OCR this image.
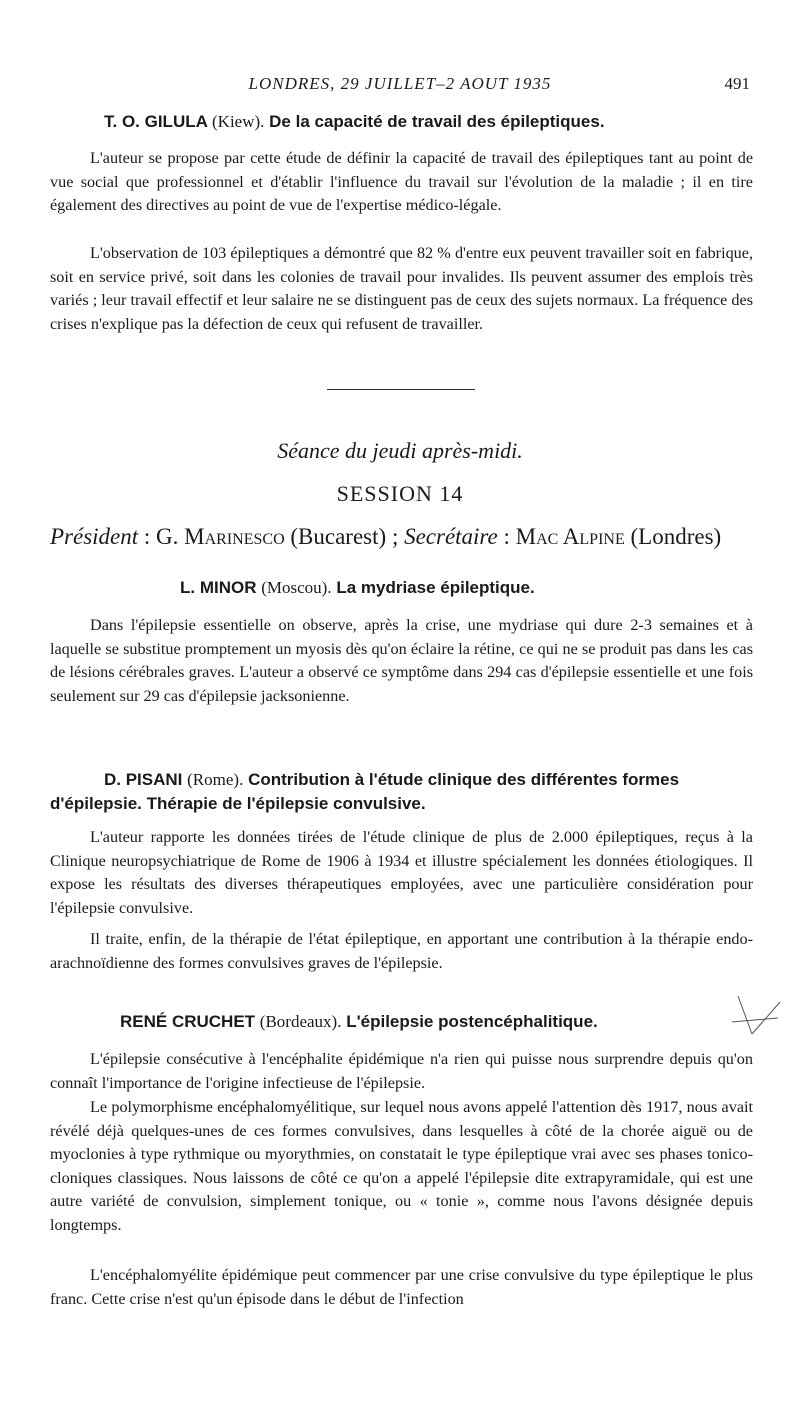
LONDRES, 29 JUILLET–2 AOUT 1935	491
T. O. GILULA (Kiew). De la capacité de travail des épileptiques.

L'auteur se propose par cette étude de définir la capacité de travail des épileptiques tant au point de vue social que professionnel et d'établir l'influence du travail sur l'évolution de la maladie ; il en tire également des directives au point de vue de l'expertise médico-légale.

L'observation de 103 épileptiques a démontré que 82 % d'entre eux peuvent travailler soit en fabrique, soit en service privé, soit dans les colonies de travail pour invalides. Ils peuvent assumer des emplois très variés ; leur travail effectif et leur salaire ne se distinguent pas de ceux des sujets normaux. La fréquence des crises n'explique pas la défection de ceux qui refusent de travailler.

Séance du jeudi après-midi.
SESSION 14
Président : G. Marinesco (Bucarest) ; Secrétaire : Mac Alpine (Londres)
L. MINOR (Moscou). La mydriase épileptique.

Dans l'épilepsie essentielle on observe, après la crise, une mydriase qui dure 2-3 semaines et à laquelle se substitue promptement un myosis dès qu'on éclaire la rétine, ce qui ne se produit pas dans les cas de lésions cérébrales graves. L'auteur a observé ce symptôme dans 294 cas d'épilepsie essentielle et une fois seulement sur 29 cas d'épilepsie jacksonienne.

D. PISANI (Rome). Contribution à l'étude clinique des différentes formes d'épilepsie. Thérapie de l'épilepsie convulsive.

L'auteur rapporte les données tirées de l'étude clinique de plus de 2.000 épileptiques, reçus à la Clinique neuropsychiatrique de Rome de 1906 à 1934 et illustre spécialement les données étiologiques. Il expose les résultats des diverses thérapeutiques employées, avec une particulière considération pour l'épilepsie convulsive.

Il traite, enfin, de la thérapie de l'état épileptique, en apportant une contribution à la thérapie endo-arachnoïdienne des formes convulsives graves de l'épilepsie.

RENÉ CRUCHET (Bordeaux). L'épilepsie postencéphalitique.

L'épilepsie consécutive à l'encéphalite épidémique n'a rien qui puisse nous surprendre depuis qu'on connaît l'importance de l'origine infectieuse de l'épilepsie.

Le polymorphisme encéphalomyélitique, sur lequel nous avons appelé l'attention dès 1917, nous avait révélé déjà quelques-unes de ces formes convulsives, dans lesquelles à côté de la chorée aiguë ou de myoclonies à type rythmique ou myorythmies, on constatait le type épileptique vrai avec ses phases tonico-cloniques classiques. Nous laissons de côté ce qu'on a appelé l'épilepsie dite extrapyramidale, qui est une autre variété de convulsion, simplement tonique, ou « tonie », comme nous l'avons désignée depuis longtemps.

L'encéphalomyélite épidémique peut commencer par une crise convulsive du type épileptique le plus franc. Cette crise n'est qu'un épisode dans le début de l'infection
